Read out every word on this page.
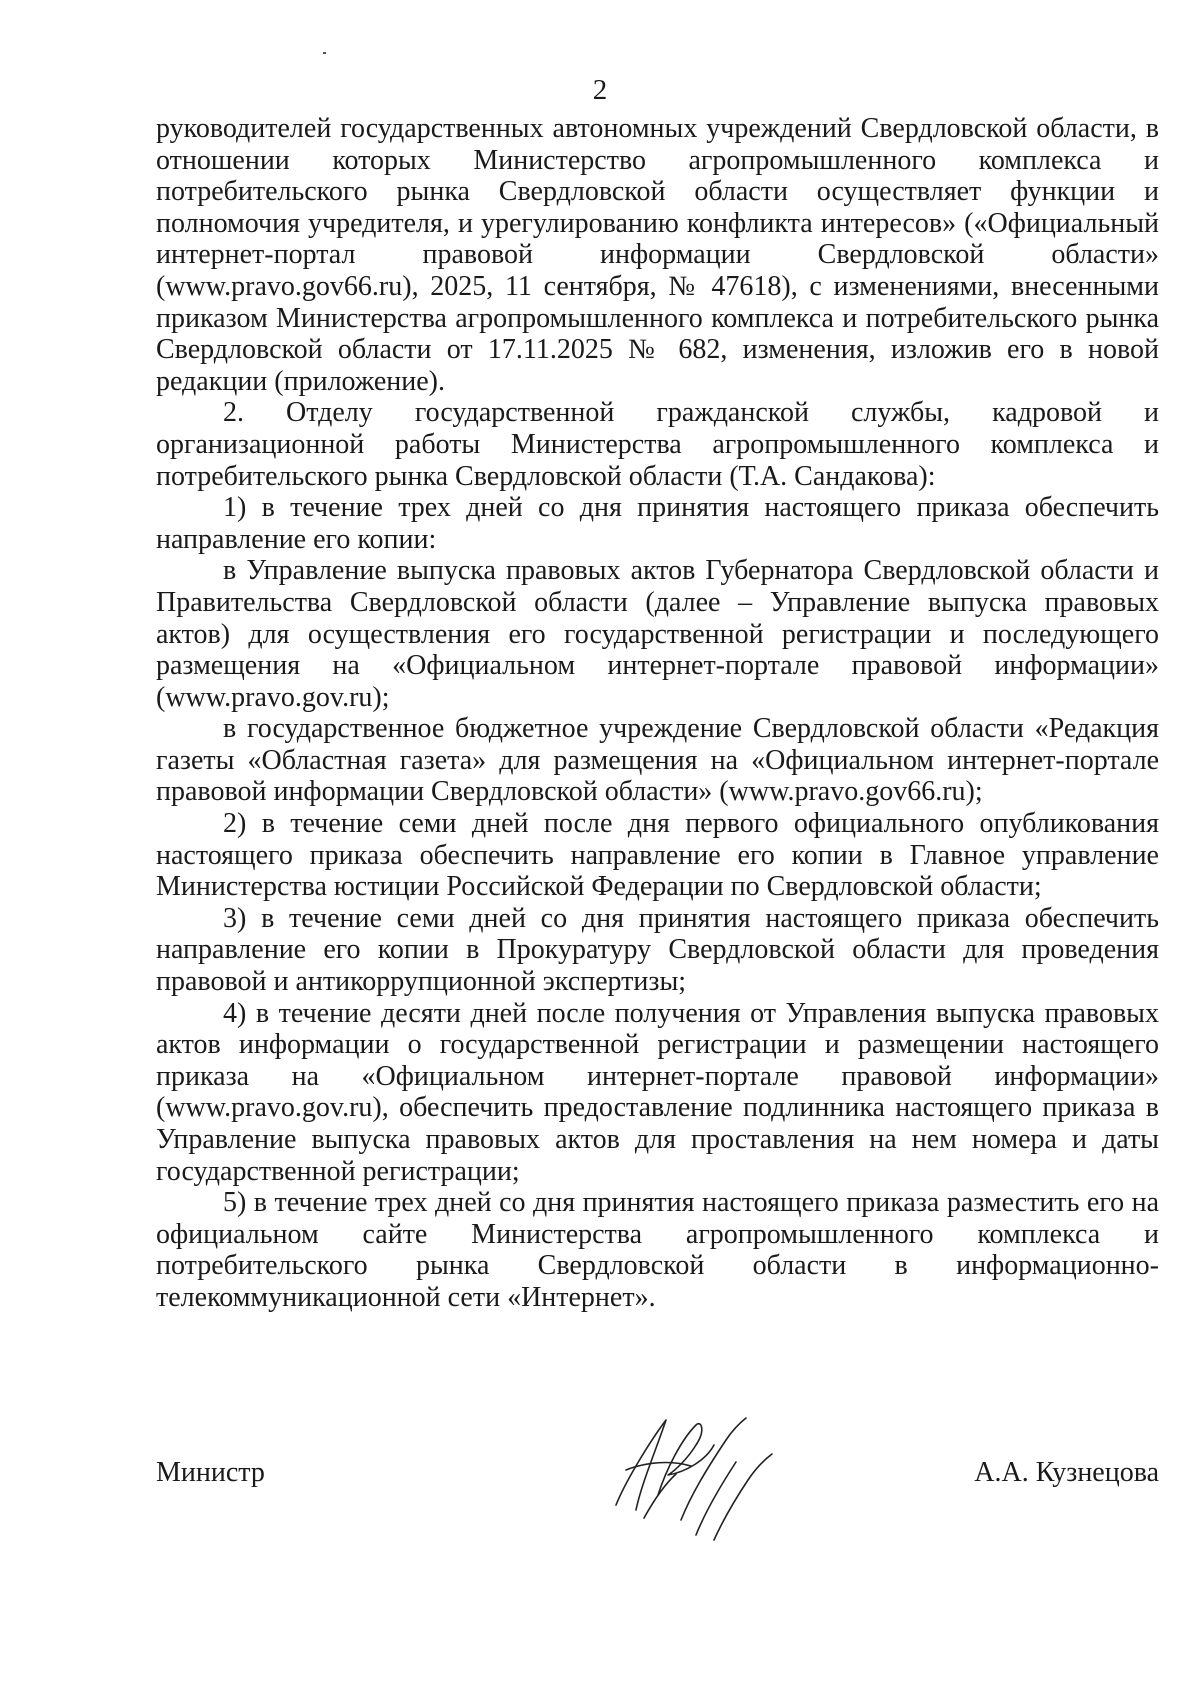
2

руководителей государственных автономных учреждений Свердловской области, в отношении которых Министерство агропромышленного комплекса и потребительского рынка Свердловской области осуществляет функции и полномочия учредителя, и урегулированию конфликта интересов» («Официальный интернет-портал правовой информации Свердловской области» (www.pravo.gov66.ru), 2025, 11 сентября, № 47618), с изменениями, внесенными приказом Министерства агропромышленного комплекса и потребительского рынка Свердловской области от 17.11.2025 № 682, изменения, изложив его в новой редакции (приложение).

2. Отделу государственной гражданской службы, кадровой и организационной работы Министерства агропромышленного комплекса и потребительского рынка Свердловской области (Т.А. Сандакова):

1) в течение трех дней со дня принятия настоящего приказа обеспечить направление его копии:

в Управление выпуска правовых актов Губернатора Свердловской области и Правительства Свердловской области (далее – Управление выпуска правовых актов) для осуществления его государственной регистрации и последующего размещения на «Официальном интернет-портале правовой информации» (www.pravo.gov.ru);

в государственное бюджетное учреждение Свердловской области «Редакция газеты «Областная газета» для размещения на «Официальном интернет-портале правовой информации Свердловской области» (www.pravo.gov66.ru);

2) в течение семи дней после дня первого официального опубликования настоящего приказа обеспечить направление его копии в Главное управление Министерства юстиции Российской Федерации по Свердловской области;

3) в течение семи дней со дня принятия настоящего приказа обеспечить направление его копии в Прокуратуру Свердловской области для проведения правовой и антикоррупционной экспертизы;

4) в течение десяти дней после получения от Управления выпуска правовых актов информации о государственной регистрации и размещении настоящего приказа на «Официальном интернет-портале правовой информации» (www.pravo.gov.ru), обеспечить предоставление подлинника настоящего приказа в Управление выпуска правовых актов для проставления на нем номера и даты государственной регистрации;

5) в течение трех дней со дня принятия настоящего приказа разместить его на официальном сайте Министерства агропромышленного комплекса и потребительского рынка Свердловской области в информационно-телекоммуникационной сети «Интернет».

Министр	А.А. Кузнецова
